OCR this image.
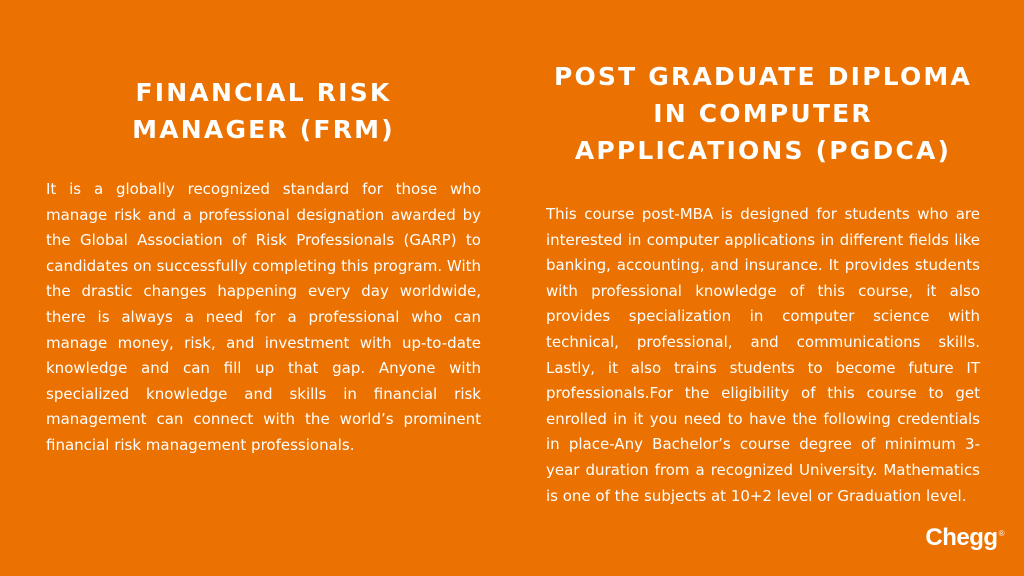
FINANCIAL RISK MANAGER (FRM)

It is a globally recognized standard for those who manage risk and a professional designation awarded by the Global Association of Risk Professionals (GARP) to candidates on successfully completing this program. With the drastic changes happening every day worldwide, there is always a need for a professional who can manage money, risk, and investment with up-to-date knowledge and can fill up that gap. Anyone with specialized knowledge and skills in financial risk management can connect with the world’s prominent financial risk management professionals.

POST GRADUATE DIPLOMA IN COMPUTER APPLICATIONS (PGDCA)

This course post-MBA is designed for students who are interested in computer applications in different fields like banking, accounting, and insurance. It provides students with professional knowledge of this course, it also provides specialization in computer science with technical, professional, and communications skills. Lastly, it also trains students to become future IT professionals.For the eligibility of this course to get enrolled in it you need to have the following credentials in place-Any Bachelor’s course degree of minimum 3-year duration from a recognized University. Mathematics is one of the subjects at 10+2 level or Graduation level.

Chegg®
